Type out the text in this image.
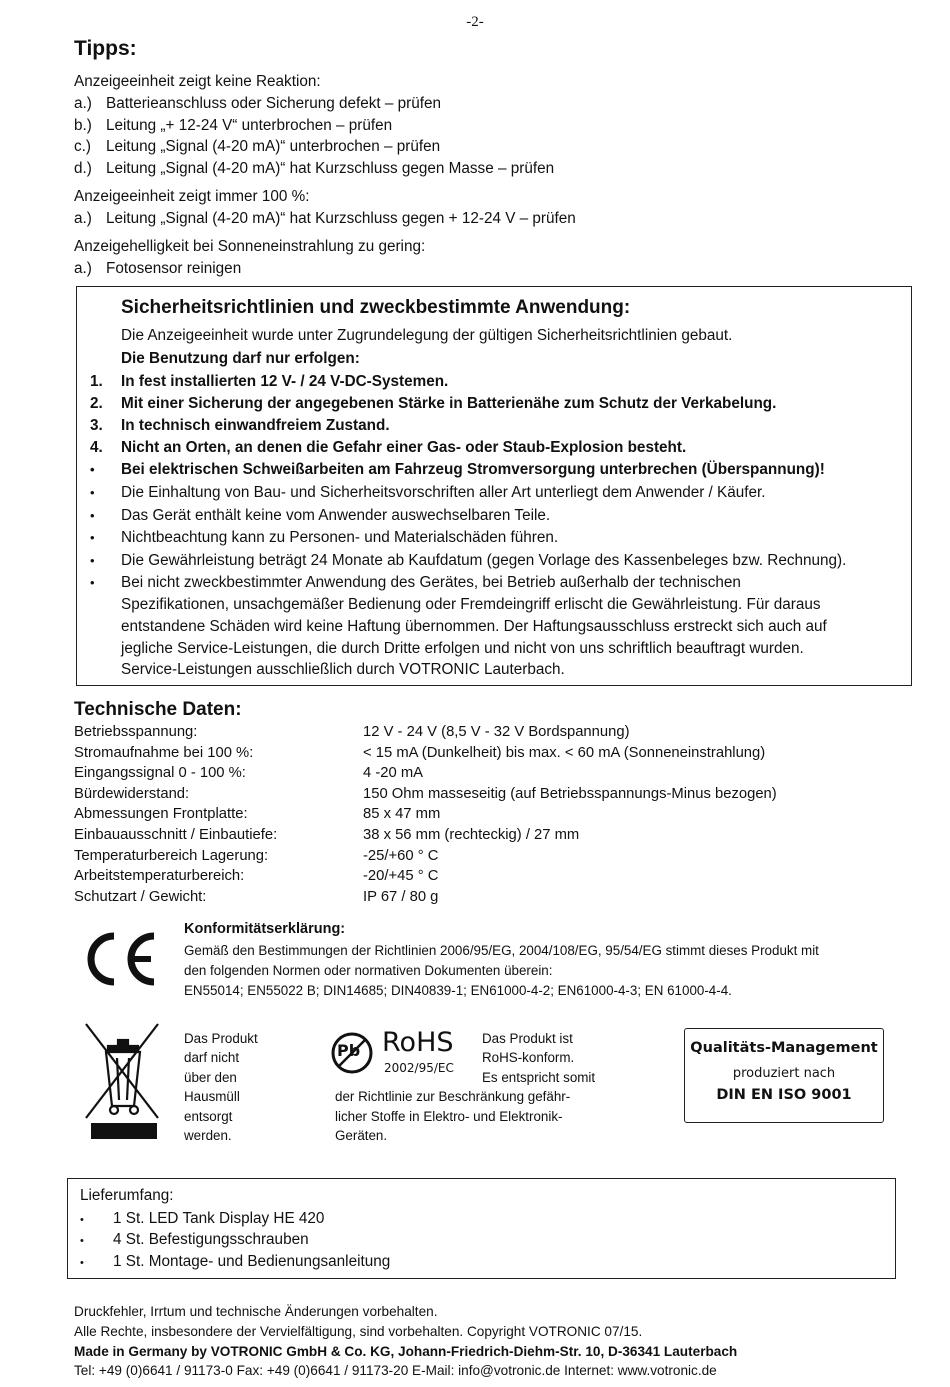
-2-
Tipps:
Anzeigeeinheit zeigt keine Reaktion:
a.) Batterieanschluss oder Sicherung defekt – prüfen
b.) Leitung „+ 12-24 V“ unterbrochen – prüfen
c.) Leitung „Signal (4-20 mA)“ unterbrochen – prüfen
d.) Leitung „Signal (4-20 mA)“ hat Kurzschluss gegen Masse – prüfen
Anzeigeeinheit zeigt immer 100 %:
a.) Leitung „Signal (4-20 mA)“ hat Kurzschluss gegen + 12-24 V – prüfen
Anzeigehelligkeit bei Sonneneinstrahlung zu gering:
a.) Fotosensor reinigen
Sicherheitsrichtlinien und zweckbestimmte Anwendung:
Die Anzeigeeinheit wurde unter Zugrundelegung der gültigen Sicherheitsrichtlinien gebaut.
Die Benutzung darf nur erfolgen:
1. In fest installierten 12 V- / 24 V-DC-Systemen.
2. Mit einer Sicherung der angegebenen Stärke in Batterienähe zum Schutz der Verkabelung.
3. In technisch einwandfreiem Zustand.
4. Nicht an Orten, an denen die Gefahr einer Gas- oder Staub-Explosion besteht.
• Bei elektrischen Schweißarbeiten am Fahrzeug Stromversorgung unterbrechen (Überspannung)!
• Die Einhaltung von Bau- und Sicherheitsvorschriften aller Art unterliegt dem Anwender / Käufer.
• Das Gerät enthält keine vom Anwender auswechselbaren Teile.
• Nichtbeachtung kann zu Personen- und Materialschäden führen.
• Die Gewährleistung beträgt 24 Monate ab Kaufdatum (gegen Vorlage des Kassenbeleges bzw. Rechnung).
• Bei nicht zweckbestimmter Anwendung des Gerätes, bei Betrieb außerhalb der technischen
Spezifikationen, unsachgemäßer Bedienung oder Fremdeingriff erlischt die Gewährleistung. Für daraus
entstandene Schäden wird keine Haftung übernommen. Der Haftungsausschluss erstreckt sich auch auf
jegliche Service-Leistungen, die durch Dritte erfolgen und nicht von uns schriftlich beauftragt wurden.
Service-Leistungen ausschließlich durch VOTRONIC Lauterbach.
Technische Daten:
Betriebsspannung:	12 V - 24 V (8,5 V - 32 V Bordspannung)
Stromaufnahme bei 100 %:	< 15 mA (Dunkelheit) bis max. < 60 mA (Sonneneinstrahlung)
Eingangssignal 0 - 100 %:	4 -20 mA
Bürdewiderstand:	150 Ohm masseseitig (auf Betriebsspannungs-Minus bezogen)
Abmessungen Frontplatte:	85 x 47 mm
Einbauausschnitt / Einbautiefe:	38 x 56 mm (rechteckig) / 27 mm
Temperaturbereich Lagerung:	-25/+60 ° C
Arbeitstemperaturbereich:	-20/+45 ° C
Schutzart / Gewicht:	IP 67 / 80 g
Konformitätserklärung:
Gemäß den Bestimmungen der Richtlinien 2006/95/EG, 2004/108/EG, 95/54/EG stimmt dieses Produkt mit
den folgenden Normen oder normativen Dokumenten überein:
EN55014; EN55022 B; DIN14685; DIN40839-1; EN61000-4-2; EN61000-4-3; EN 61000-4-4.
Das Produkt
darf nicht
über den
Hausmüll
entsorgt
werden.
Pb RoHS
2002/95/EC
Das Produkt ist
RoHS-konform.
Es entspricht somit
der Richtlinie zur Beschränkung gefähr-
licher Stoffe in Elektro- und Elektronik-
Geräten.
Qualitäts-Management
produziert nach
DIN EN ISO 9001
Lieferumfang:
• 1 St. LED Tank Display HE 420
• 4 St. Befestigungsschrauben
• 1 St. Montage- und Bedienungsanleitung
Druckfehler, Irrtum und technische Änderungen vorbehalten.
Alle Rechte, insbesondere der Vervielfältigung, sind vorbehalten. Copyright VOTRONIC 07/15.
Made in Germany by VOTRONIC GmbH & Co. KG, Johann-Friedrich-Diehm-Str. 10, D-36341 Lauterbach
Tel: +49 (0)6641 / 91173-0 Fax: +49 (0)6641 / 91173-20 E-Mail: info@votronic.de Internet: www.votronic.de
